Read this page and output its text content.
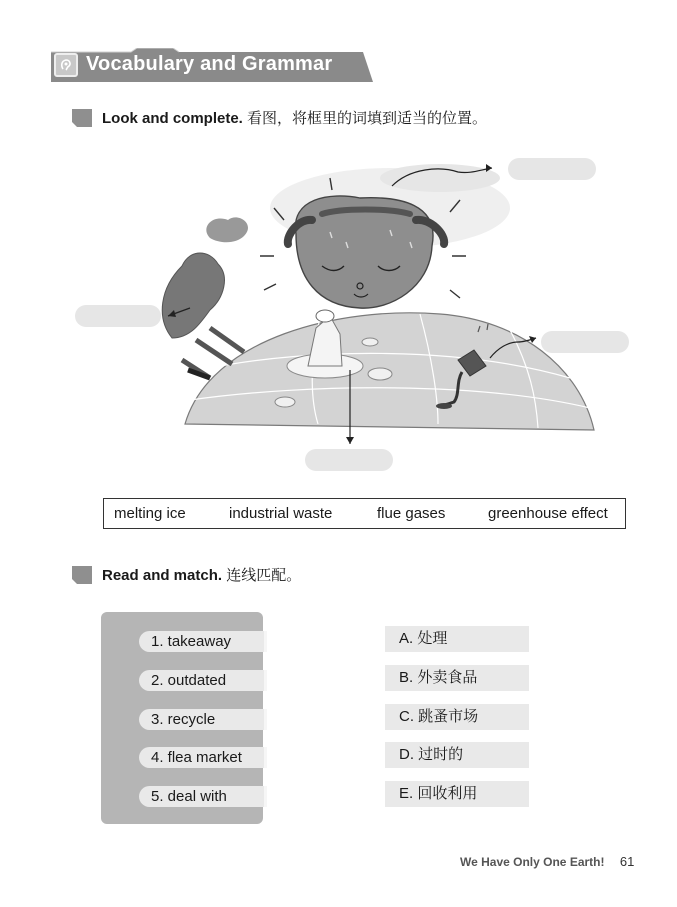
Vocabulary and Grammar
Look and complete. 看图，将框里的词填到适当的位置。
melting ice	industrial waste	flue gases	greenhouse effect
Read and match. 连线匹配。
1. takeaway
2. outdated
3. recycle
4. flea market
5. deal with
A. 处理
B. 外卖食品
C. 跳蚤市场
D. 过时的
E. 回收利用
We Have Only One Earth! 61
